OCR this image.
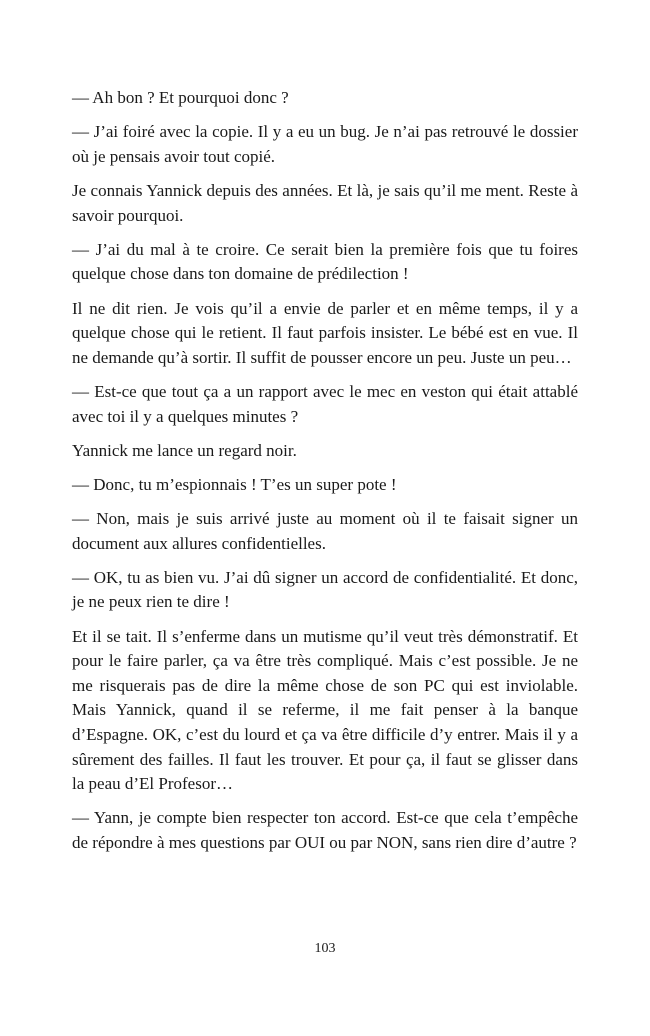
— Ah bon ? Et pourquoi donc ?

— J’ai foiré avec la copie. Il y a eu un bug. Je n’ai pas retrouvé le dossier où je pensais avoir tout copié.

Je connais Yannick depuis des années. Et là, je sais qu’il me ment. Reste à savoir pourquoi.

— J’ai du mal à te croire. Ce serait bien la première fois que tu foires quelque chose dans ton domaine de prédilection !

Il ne dit rien. Je vois qu’il a envie de parler et en même temps, il y a quelque chose qui le retient. Il faut parfois insister. Le bébé est en vue. Il ne demande qu’à sortir. Il suffit de pousser encore un peu. Juste un peu…

— Est-ce que tout ça a un rapport avec le mec en veston qui était attablé avec toi il y a quelques minutes ?

Yannick me lance un regard noir.

— Donc, tu m’espionnais ! T’es un super pote !

— Non, mais je suis arrivé juste au moment où il te faisait signer un document aux allures confidentielles.

— OK, tu as bien vu. J’ai dû signer un accord de confidentialité. Et donc, je ne peux rien te dire !

Et il se tait. Il s’enferme dans un mutisme qu’il veut très démonstratif. Et pour le faire parler, ça va être très compliqué. Mais c’est possible. Je ne me risquerais pas de dire la même chose de son PC qui est inviolable. Mais Yannick, quand il se referme, il me fait penser à la banque d’Espagne. OK, c’est du lourd et ça va être difficile d’y entrer. Mais il y a sûrement des failles. Il faut les trouver. Et pour ça, il faut se glisser dans la peau d’El Profesor…

— Yann, je compte bien respecter ton accord. Est-ce que cela t’empêche de répondre à mes questions par OUI ou par NON, sans rien dire d’autre ?

103
